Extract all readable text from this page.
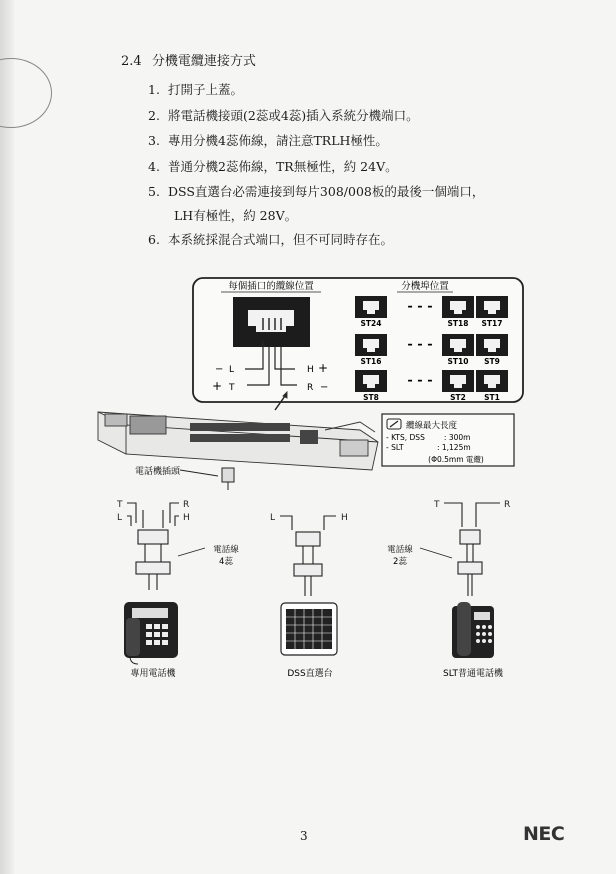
2.4 分機電纜連接方式
1. 打開子上蓋。
2. 將電話機接頭(2蕊或4蕊)插入系統分機端口。
3. 專用分機4蕊佈線，請注意TRLH極性。
4. 普通分機2蕊佈線，TR無極性，約 24V。
5. DSS直選台必需連接到每片308/008板的最後一個端口，
LH有極性，約 28V。
6. 本系統採混合式端口，但不可同時存在。
每個插口的纜線位置	分機埠位置
− L
+ T
H +
R −
ST24	ST18 ST17
- - -
ST16	ST10 ST9
- - -
ST8	ST2 ST1
- - -
纜線最大長度
- KTS, DSS        : 300m
- SLT              : 1,125m
(Φ0.5mm 電纜)
電話機插頭
T
L
R
H
電話線
4蕊
專用電話機
L	H
DSS直選台
電話線
2蕊
T	R
SLT普通電話機
3	NEC
